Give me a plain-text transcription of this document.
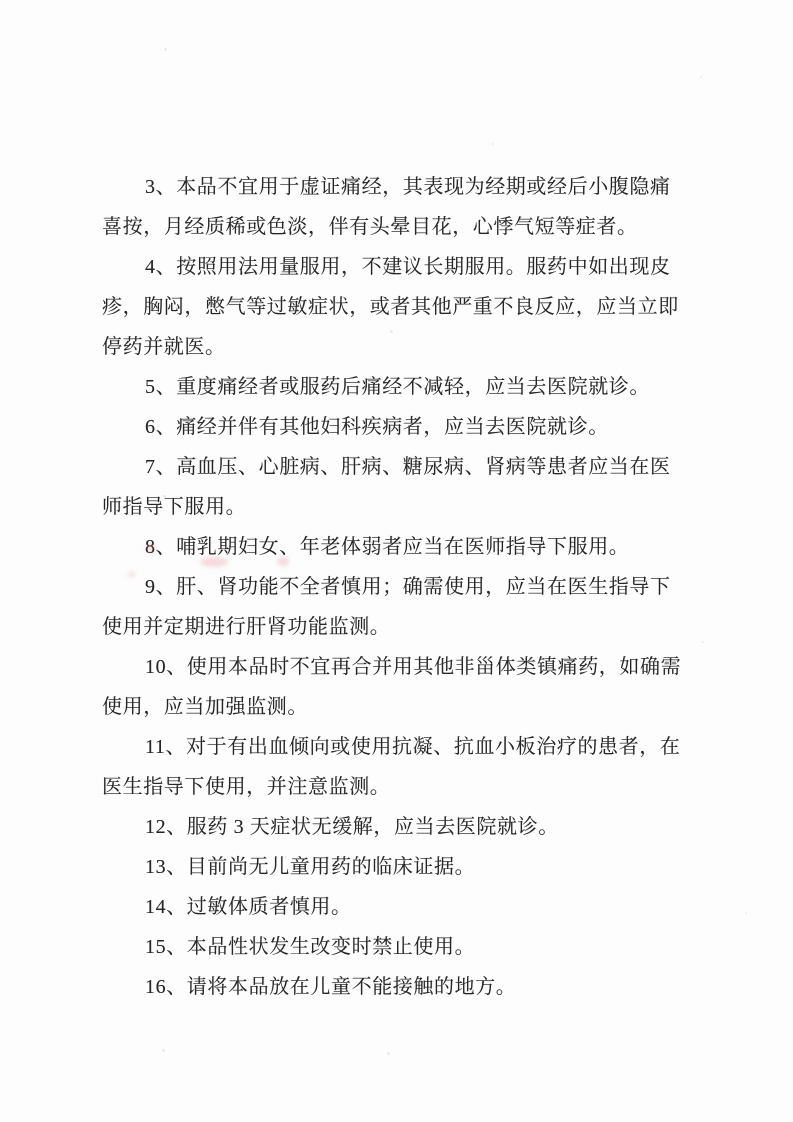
3、本品不宜用于虚证痛经，其表现为经期或经后小腹隐痛
喜按，月经质稀或色淡，伴有头晕目花，心悸气短等症者。
4、按照用法用量服用，不建议长期服用。服药中如出现皮
疹，胸闷，憋气等过敏症状，或者其他严重不良反应，应当立即
停药并就医。
5、重度痛经者或服药后痛经不减轻，应当去医院就诊。
6、痛经并伴有其他妇科疾病者，应当去医院就诊。
7、高血压、心脏病、肝病、糖尿病、肾病等患者应当在医
师指导下服用。
8、哺乳期妇女、年老体弱者应当在医师指导下服用。
9、肝、肾功能不全者慎用；确需使用，应当在医生指导下
使用并定期进行肝肾功能监测。
10、使用本品时不宜再合并用其他非甾体类镇痛药，如确需
使用，应当加强监测。
11、对于有出血倾向或使用抗凝、抗血小板治疗的患者，在
医生指导下使用，并注意监测。
12、服药 3 天症状无缓解，应当去医院就诊。
13、目前尚无儿童用药的临床证据。
14、过敏体质者慎用。
15、本品性状发生改变时禁止使用。
16、请将本品放在儿童不能接触的地方。
